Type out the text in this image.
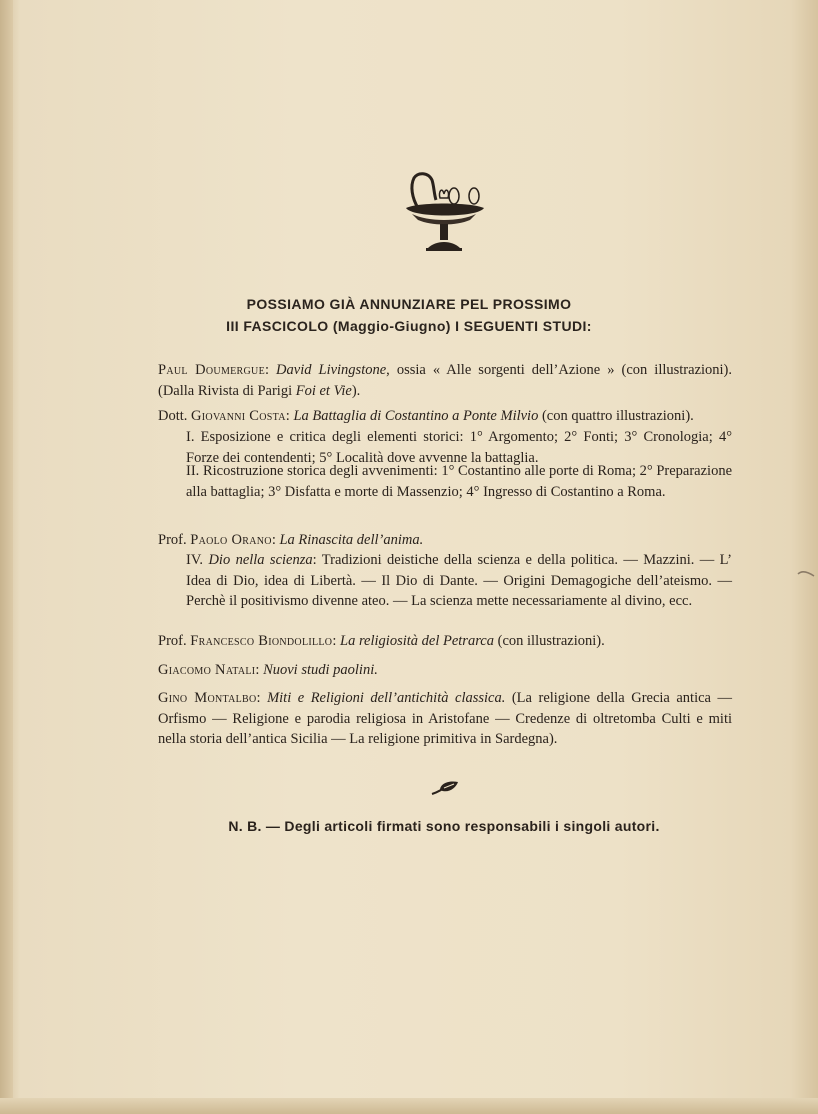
POSSIAMO GIÀ ANNUNZIARE PEL PROSSIMO
III FASCICOLO (Maggio-Giugno) I SEGUENTI STUDI:
Paul Doumergue: David Livingstone, ossia « Alle sorgenti dell’Azione » (con illustrazioni). (Dalla Rivista di Parigi Foi et Vie).
Dott. Giovanni Costa: La Battaglia di Costantino a Ponte Milvio (con quattro illustrazioni).
I. Esposizione e critica degli elementi storici: 1° Argomento; 2° Fonti; 3° Cronologia; 4° Forze dei contendenti; 5° Località dove avvenne la battaglia.
II. Ricostruzione storica degli avvenimenti: 1° Costantino alle porte di Roma; 2° Preparazione alla battaglia; 3° Disfatta e morte di Massenzio; 4° Ingresso di Costantino a Roma.
Prof. Paolo Orano: La Rinascita dell’anima.
IV. Dio nella scienza: Tradizioni deistiche della scienza e della politica. — Mazzini. — L’ Idea di Dio, idea di Libertà. — Il Dio di Dante. — Origini Demagogiche dell’ateismo. — Perchè il positivismo divenne ateo. — La scienza mette necessariamente al divino, ecc.
Prof. Francesco Biondolillo: La religiosità del Petrarca (con illustrazioni).
Giacomo Natali: Nuovi studi paolini.
Gino Montalbo: Miti e Religioni dell’antichità classica. (La religione della Grecia antica — Orfismo — Religione e parodia religiosa in Aristofane — Credenze di oltretomba Culti e miti nella storia dell’antica Sicilia — La religione primitiva in Sardegna).
N. B. — Degli articoli firmati sono responsabili i singoli autori.
